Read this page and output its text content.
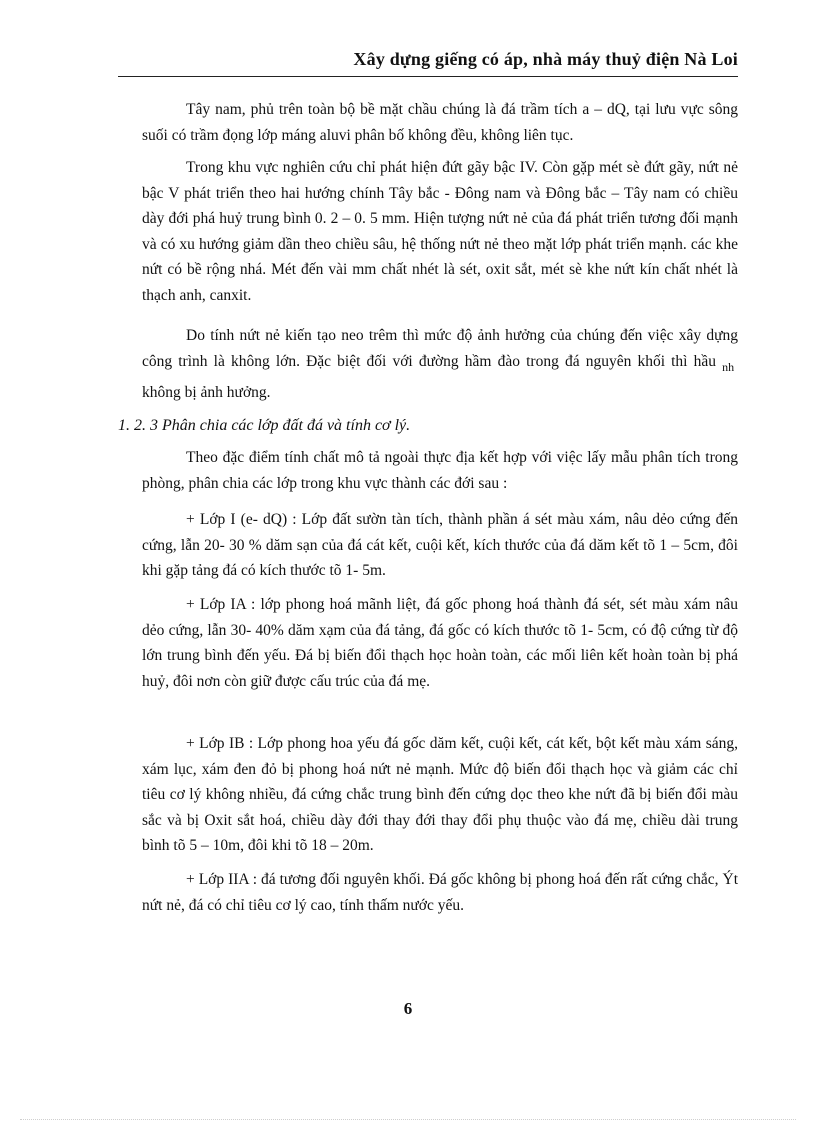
Xây dựng giếng có áp, nhà máy thuỷ điện Nà Loi

Tây nam, phủ trên toàn bộ bề mặt chầu chúng là đá trầm tích a – dQ, tại lưu vực sông suối có trầm đọng lớp máng aluvi phân bố không đều, không liên tục.

Trong khu vực nghiên cứu chỉ phát hiện đứt gãy bậc IV. Còn gặp mét sè đứt gãy, nứt nẻ bậc V phát triển theo hai hướng chính Tây bắc - Đông nam và Đông bắc – Tây nam có chiều dày đới phá huỷ trung bình 0. 2 – 0. 5 mm. Hiện tượng nứt nẻ của đá phát triển tương đối mạnh và có xu hướng giảm dần theo chiều sâu, hệ thống nứt nẻ theo mặt lớp phát triển mạnh. các khe nứt có bề rộng nhá. Mét đến vài mm chất nhét là sét, oxit sắt, mét sè khe nứt kín chất nhét là thạch anh, canxit.

Do tính nứt nẻ kiến tạo neo trêm thì mức độ ảnh hưởng của chúng đến việc xây dựng công trình là không lớn. Đặc biệt đối với đường hầm đào trong đá nguyên khối thì hầu $_{nh}$  không bị ảnh hưởng.

1. 2. 3 Phân chia các lớp đất đá và tính cơ lý.

Theo đặc điểm tính chất mô tả ngoài thực địa kết hợp với việc lấy mẫu phân tích trong phòng, phân chia các lớp trong khu vực thành các đới sau :

+ Lớp I (e- dQ) : Lớp đất sườn tàn tích, thành phần á sét màu xám, nâu dẻo cứng đến cứng, lẫn 20- 30 % dăm sạn của đá cát kết, cuội kết, kích thước của đá dăm kết tõ 1 – 5cm, đôi khi gặp tảng đá có kích thước tõ 1- 5m.

+ Lớp IA : lớp phong hoá mãnh liệt, đá gốc phong hoá thành đá sét, sét màu xám nâu dẻo cứng, lẫn 30- 40% dăm xạm của đá tảng, đá gốc có kích thước tõ 1- 5cm, có độ cứng từ độ lớn trung bình đến yếu. Đá bị biến đổi thạch học hoàn toàn, các mối liên kết hoàn toàn bị phá huỷ, đôi nơn còn giữ được cấu trúc của đá mẹ.

+ Lớp IB : Lớp phong hoa yếu đá gốc dăm kết, cuội kết, cát kết, bột kết màu xám sáng, xám lục, xám đen đỏ bị phong hoá nứt nẻ mạnh. Mức độ biến đổi thạch học và giảm các chỉ tiêu cơ lý không nhiều, đá cứng chắc trung bình đến cứng dọc theo khe nứt đã bị biến đổi màu sắc và bị Oxit sắt hoá, chiều dày đới thay đới thay đổi phụ thuộc vào đá mẹ, chiều dài trung bình tõ 5 – 10m, đôi khi tõ 18 – 20m.

+ Lớp IIA : đá tương đối nguyên khối. Đá gốc không bị phong hoá đến rất cứng chắc, Ýt nứt nẻ, đá có chỉ tiêu cơ lý cao, tính thấm nước yếu.

6
